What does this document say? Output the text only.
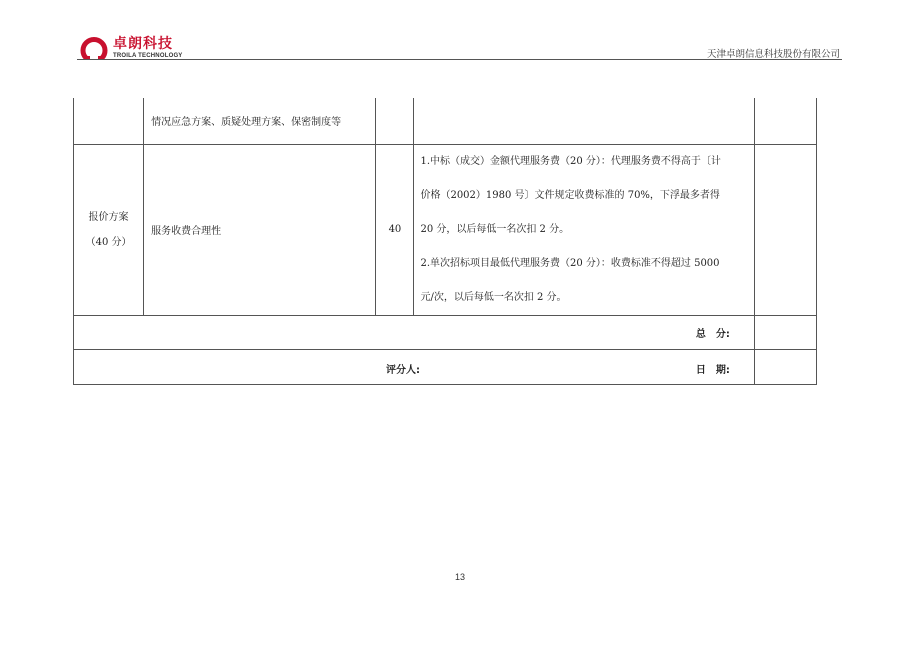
卓朗科技
TROILA TECHNOLOGY	天津卓朗信息科技股份有限公司
	情况应急方案、质疑处理方案、保密制度等			

报价方案
（40 分）	服务收费合理性	40	1.中标（成交）金额代理服务费（20 分）：代理服务费不得高于〔计
价格（2002）1980 号〕文件规定收费标准的 70%，下浮最多者得
20 分，以后每低一名次扣 2 分。
2.单次招标项目最低代理服务费（20 分）：收费标准不得超过 5000
元/次，以后每低一名次扣 2 分。	

总　分:				

评分人: 日　期:				

13
